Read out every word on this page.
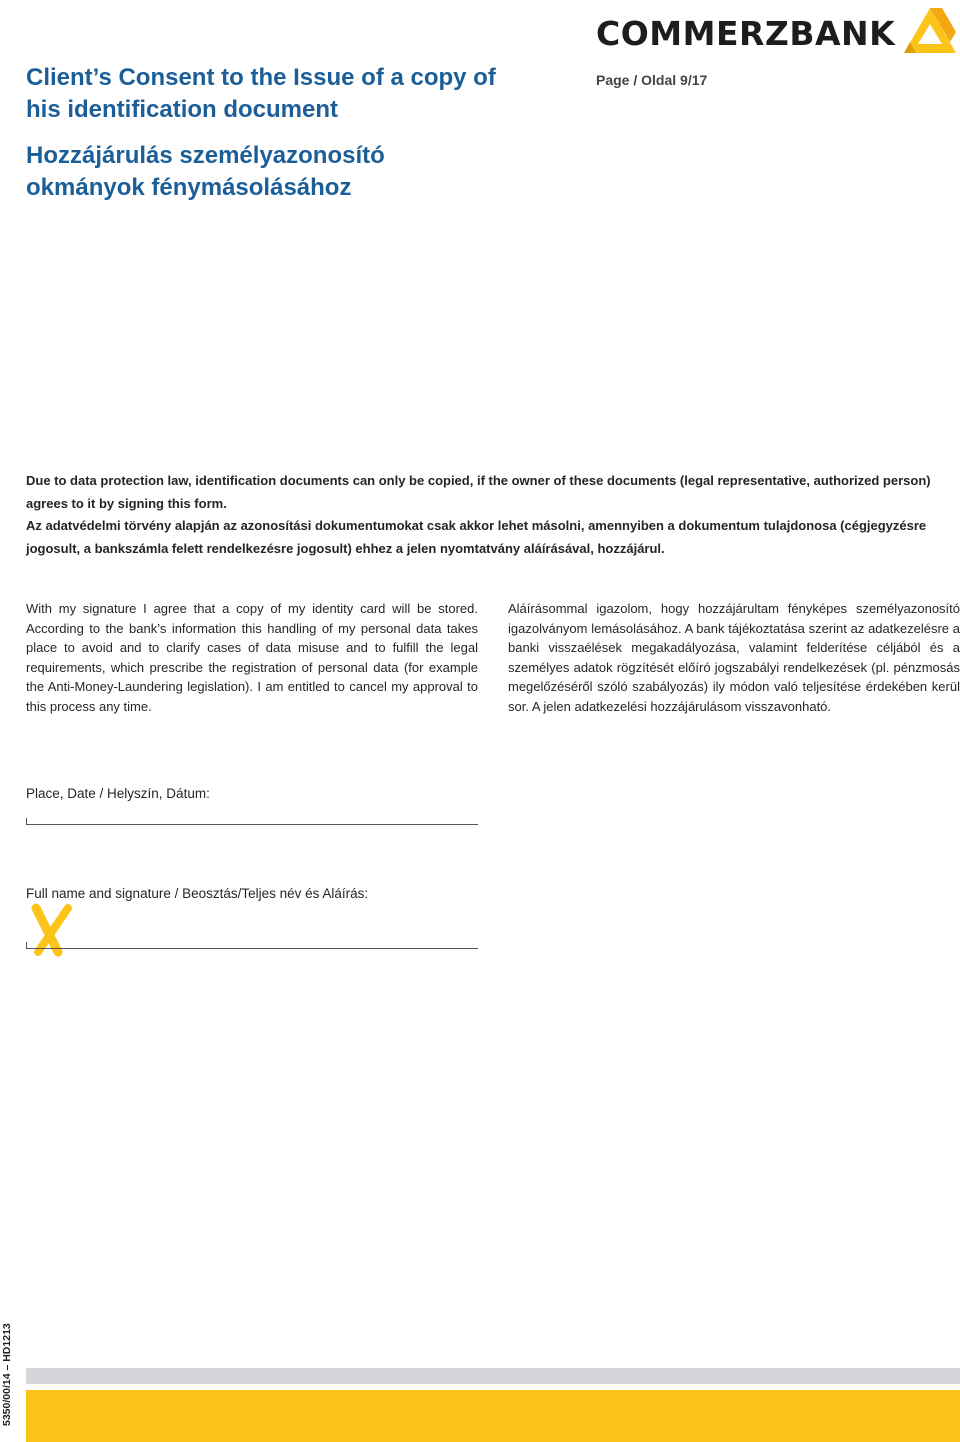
Client’s Consent to the Issue of a copy of his identification document
Hozzájárulás személyazonosító okmányok fénymásolásához
COMMERZBANK
Page / Oldal 9/17

Due to data protection law, identification documents can only be copied, if the owner of these documents (legal representative, authorized person) agrees to it by signing this form.

Az adatvédelmi törvény alapján az azonosítási dokumentumokat csak akkor lehet másolni, amennyiben a dokumentum tulajdonosa (cégjegyzésre jogosult, a bankszámla felett rendelkezésre jogosult) ehhez a jelen nyomtatvány aláírásával, hozzájárul.

With my signature I agree that a copy of my identity card will be stored. According to the bank’s information this handling of my personal data takes place to avoid and to clarify cases of data misuse and to fulfill the legal requirements, which prescribe the registration of personal data (for example the Anti-Money-Laundering legislation). I am entitled to cancel my approval to this process any time.

Aláírásommal igazolom, hogy hozzájárultam fényképes személyazonosító igazolványom lemásolásához. A bank tájékoztatása szerint az adatkezelésre a banki visszaélések megakadályozása, valamint felderítése céljából és a személyes adatok rögzítését előíró jogszabályi rendelkezések (pl. pénzmosás megelőzéséről szóló szabályozás) ily módon való teljesítése érdekében kerül sor. A jelen adatkezelési hozzájárulásom visszavonható.

Place, Date / Helyszín, Dátum:
Full name and signature / Beosztás/Teljes név és Aláírás:
5350/00/14 – HD1213
